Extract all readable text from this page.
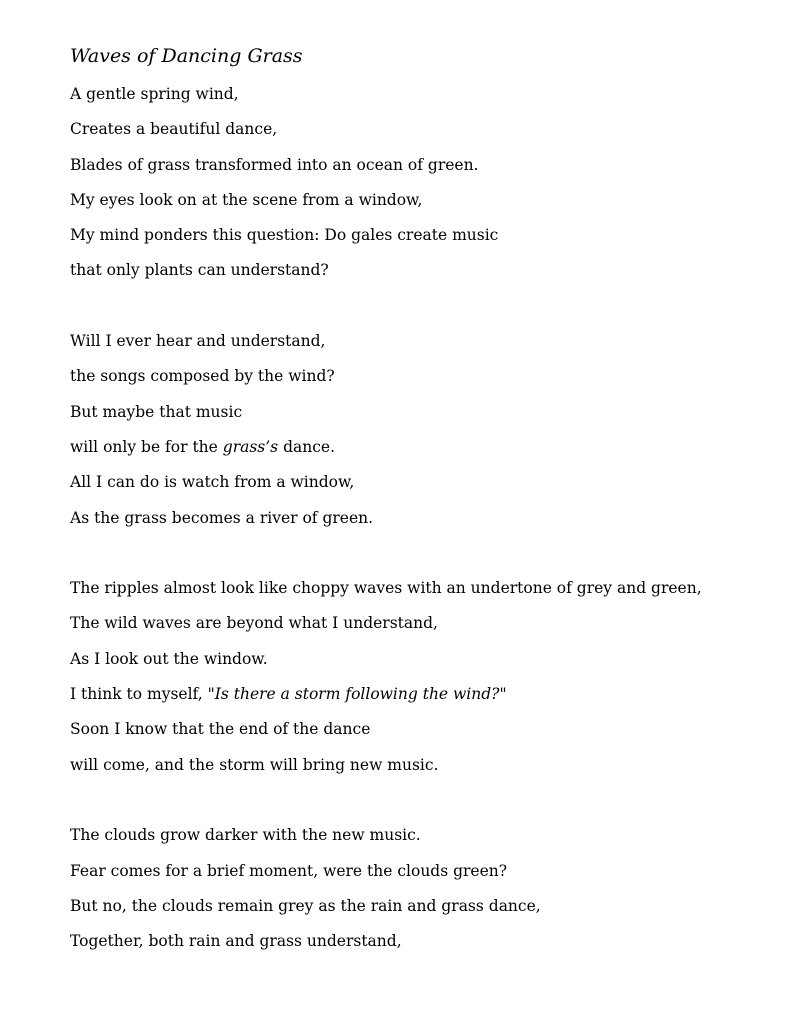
Waves of Dancing Grass
A gentle spring wind,
Creates a beautiful dance,
Blades of grass transformed into an ocean of green.
My eyes look on at the scene from a window,
My mind ponders this question: Do gales create music
that only plants can understand?
Will I ever hear and understand,
the songs composed by the wind?
But maybe that music
will only be for the grass’s dance.
All I can do is watch from a window,
As the grass becomes a river of green.
The ripples almost look like choppy waves with an undertone of grey and green,
The wild waves are beyond what I understand,
As I look out the window.
I think to myself, "Is there a storm following the wind?"
Soon I know that the end of the dance
will come, and the storm will bring new music.
The clouds grow darker with the new music.
Fear comes for a brief moment, were the clouds green?
But no, the clouds remain grey as the rain and grass dance,
Together, both rain and grass understand,
